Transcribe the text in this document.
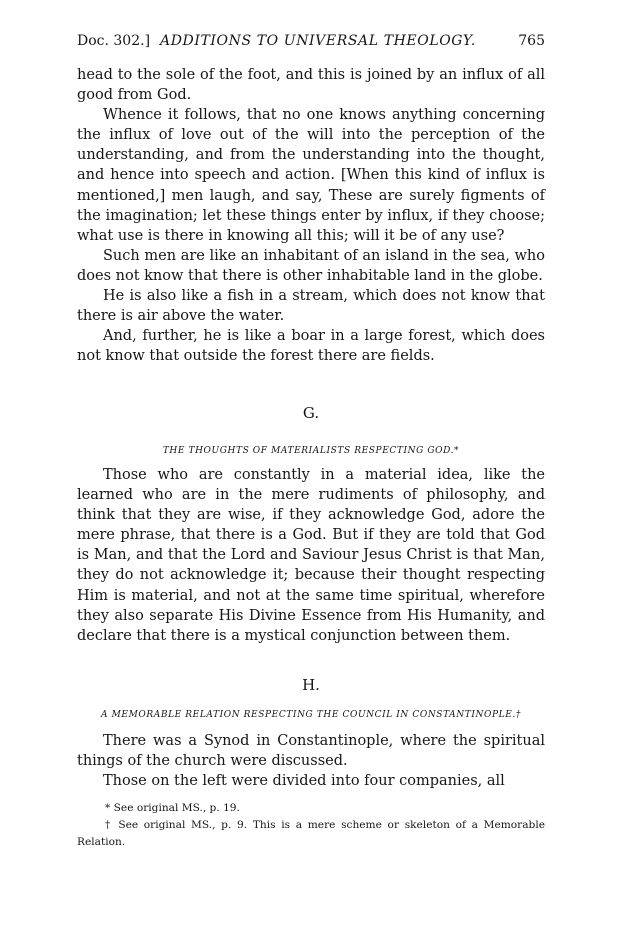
Doc. 302.] ADDITIONS TO UNIVERSAL THEOLOGY.	765

head to the sole of the foot, and this is joined by an influx of all good from God.

Whence it follows, that no one knows anything concerning the influx of love out of the will into the perception of the understanding, and from the understanding into the thought, and hence into speech and action. [When this kind of influx is mentioned,] men laugh, and say, These are surely figments of the imagination; let these things enter by influx, if they choose; what use is there in knowing all this; will it be of any use?

Such men are like an inhabitant of an island in the sea, who does not know that there is other inhabitable land in the globe.

He is also like a fish in a stream, which does not know that there is air above the water.

And, further, he is like a boar in a large forest, which does not know that outside the forest there are fields.

G.
THE THOUGHTS OF MATERIALISTS RESPECTING GOD.*

Those who are constantly in a material idea, like the learned who are in the mere rudiments of philosophy, and think that they are wise, if they acknowledge God, adore the mere phrase, that there is a God. But if they are told that God is Man, and that the Lord and Saviour Jesus Christ is that Man, they do not acknowledge it; because their thought respecting Him is material, and not at the same time spiritual, wherefore they also separate His Divine Essence from His Humanity, and declare that there is a mystical conjunction between them.

H.
A MEMORABLE RELATION RESPECTING THE COUNCIL IN CONSTANTINOPLE.†

There was a Synod in Constantinople, where the spiritual things of the church were discussed.

Those on the left were divided into four companies, all

* See original MS., p. 19.

† See original MS., p. 9. This is a mere scheme or skeleton of a Memorable Relation.
